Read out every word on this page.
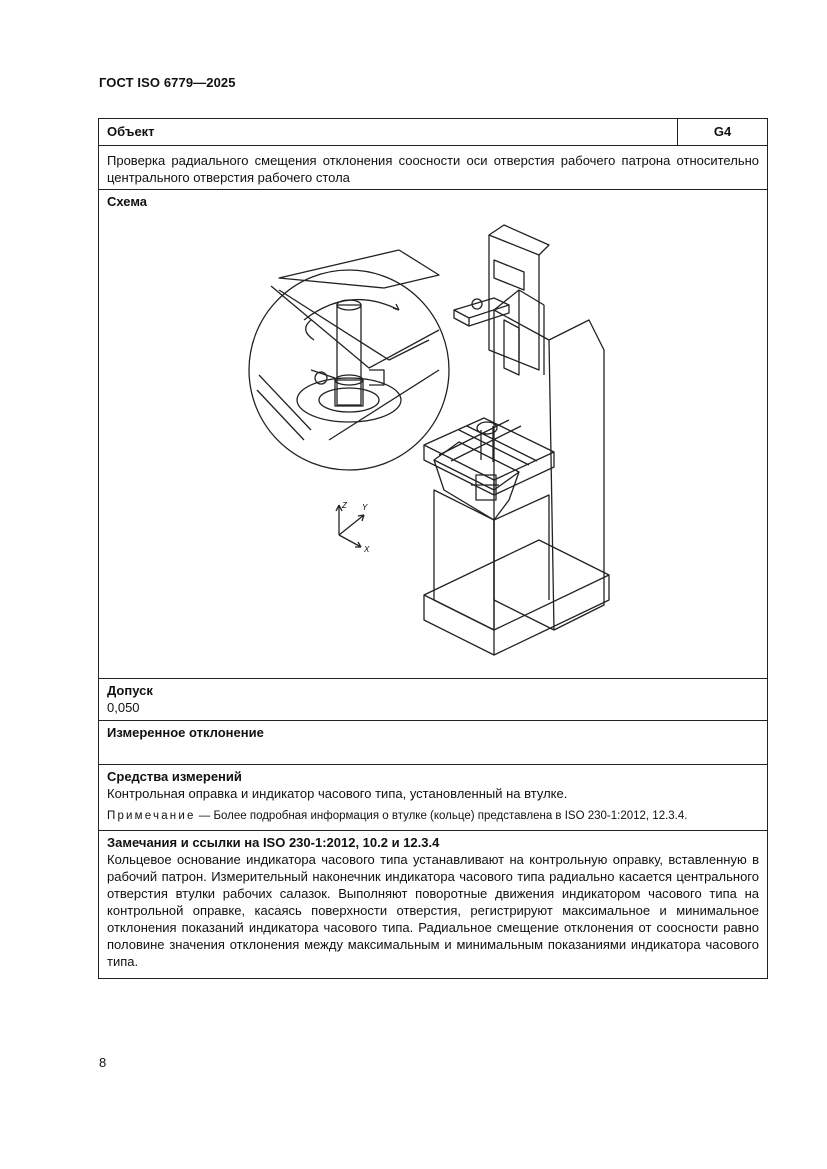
ГОСТ ISO 6779—2025
Объект	G4
Проверка радиального смещения отклонения соосности оси отверстия рабочего патрона относительно центрального отверстия рабочего стола
Схема
Z Y
X
Допуск
0,050
Измеренное отклонение
Средства измерений
Контрольная оправка и индикатор часового типа, установленный на втулке.
Примечание — Более подробная информация о втулке (кольце) представлена в ISO 230-1:2012, 12.3.4.
Замечания и ссылки на ISO 230-1:2012, 10.2 и 12.3.4
Кольцевое основание индикатора часового типа устанавливают на контрольную оправку, вставленную в рабочий патрон. Измерительный наконечник индикатора часового типа радиально касается центрального отверстия втулки рабочих салазок. Выполняют поворотные движения индикатором часового типа на контрольной оправке, касаясь поверхности отверстия, регистрируют максимальное и минимальное отклонения показаний индикатора часового типа. Радиальное смещение отклонения от соосности равно половине значения отклонения между максимальным и минимальным показаниями индикатора часового типа.
8
